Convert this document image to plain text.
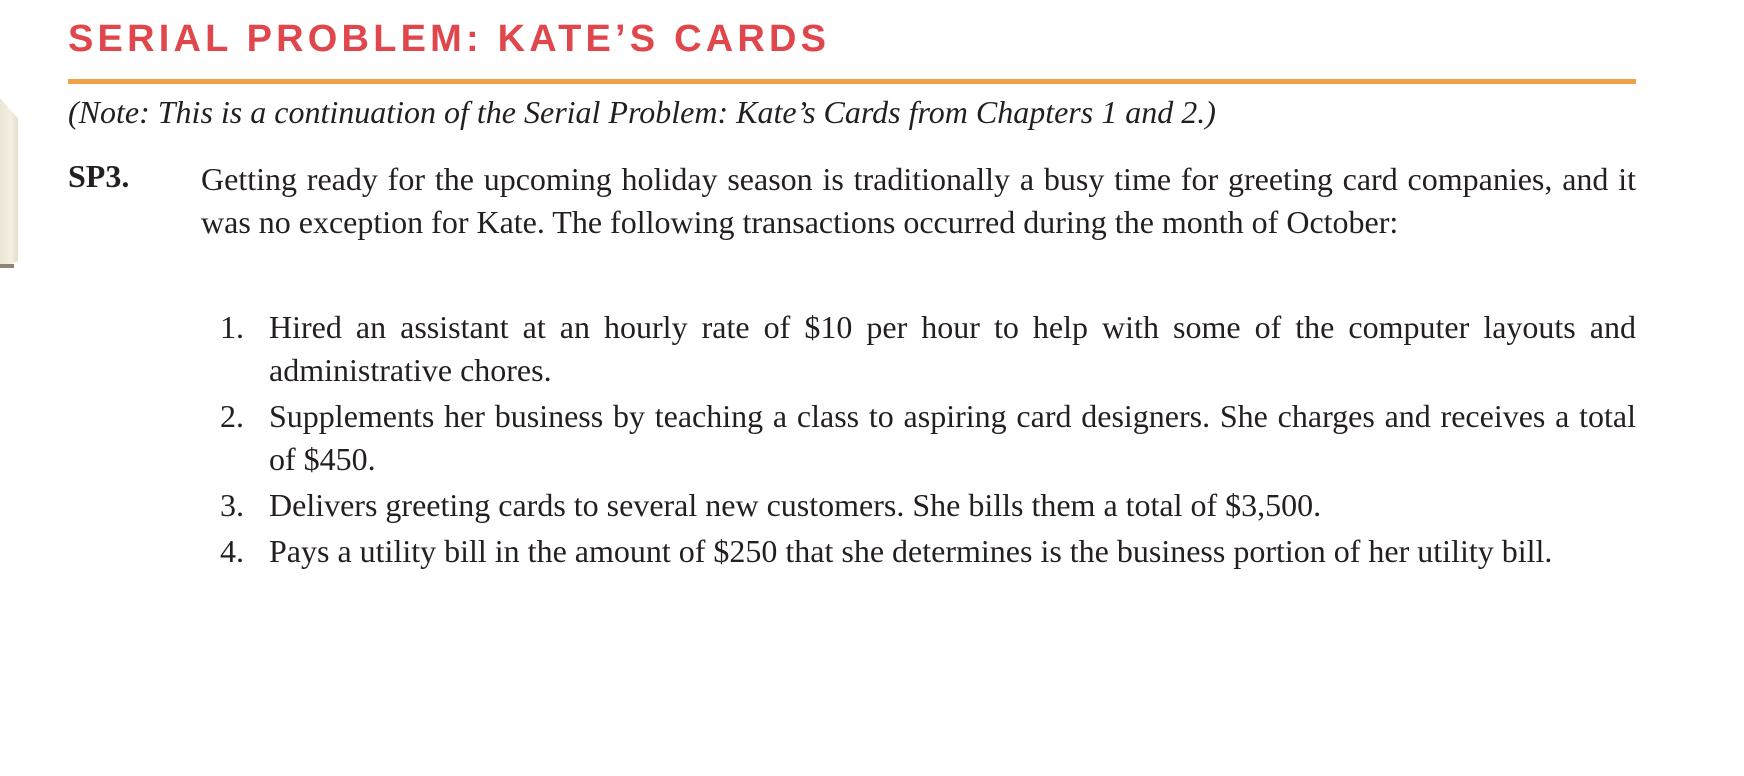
SERIAL PROBLEM: KATE’S CARDS
(Note: This is a continuation of the Serial Problem: Kate’s Cards from Chapters 1 and 2.)
SP3. Getting ready for the upcoming holiday season is traditionally a busy time for greeting card companies, and it was no exception for Kate. The following transactions occurred during the month of October:

1. Hired an assistant at an hourly rate of $10 per hour to help with some of the computer layouts and administrative chores.
2. Supplements her business by teaching a class to aspiring card designers. She charges and receives a total of $450.
3. Delivers greeting cards to several new customers. She bills them a total of $3,500.
4. Pays a utility bill in the amount of $250 that she determines is the business portion of her utility bill.
